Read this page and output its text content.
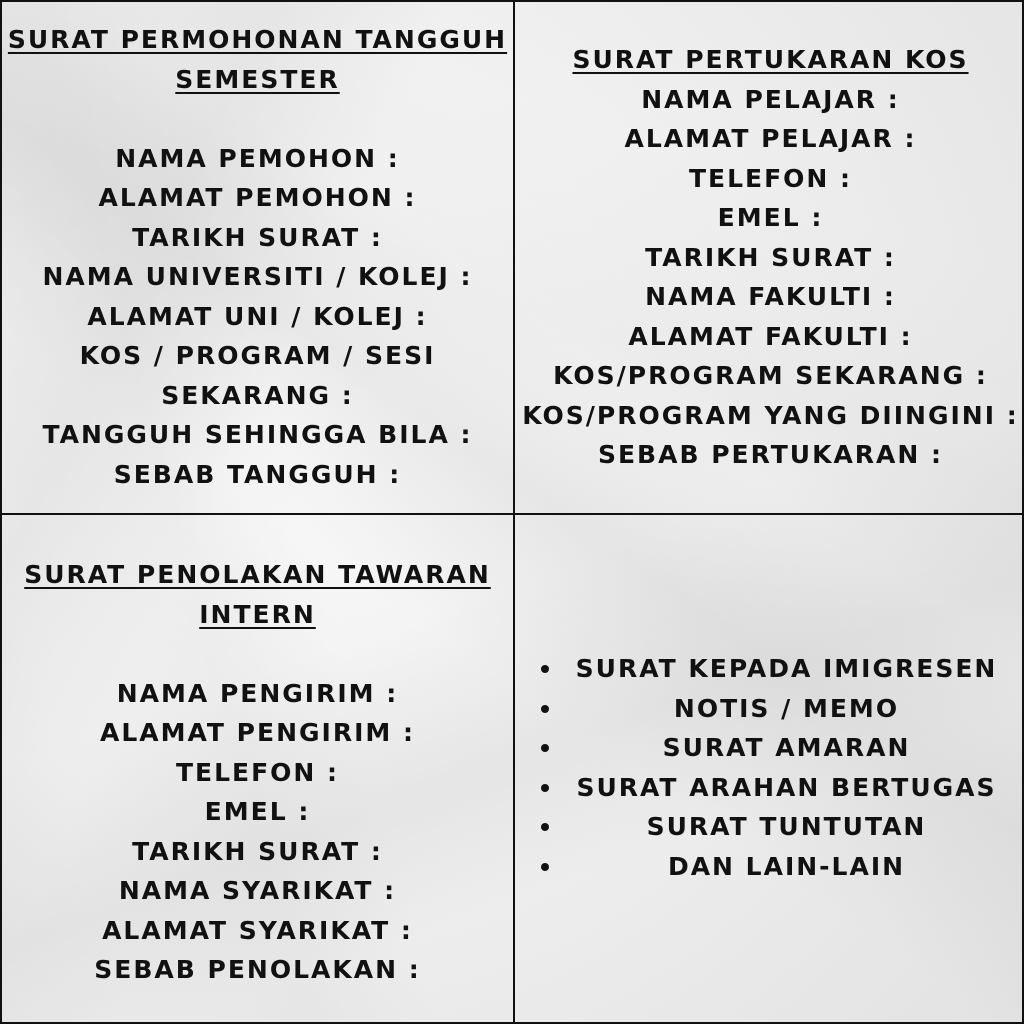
SURAT PERMOHONAN TANGGUH

SEMESTER

NAMA PEMOHON :

ALAMAT PEMOHON :

TARIKH SURAT :

NAMA UNIVERSITI / KOLEJ :

ALAMAT UNI / KOLEJ :

KOS / PROGRAM / SESI

SEKARANG :

TANGGUH SEHINGGA BILA :

SEBAB TANGGUH :

SURAT PERTUKARAN KOS

NAMA PELAJAR :

ALAMAT PELAJAR :

TELEFON :

EMEL :

TARIKH SURAT :

NAMA FAKULTI :

ALAMAT FAKULTI :

KOS/PROGRAM SEKARANG :

KOS/PROGRAM YANG DIINGINI :

SEBAB PERTUKARAN :

SURAT PENOLAKAN TAWARAN

INTERN

NAMA PENGIRIM :

ALAMAT PENGIRIM :

TELEFON :

EMEL :

TARIKH SURAT :

NAMA SYARIKAT :

ALAMAT SYARIKAT :

SEBAB PENOLAKAN :

SURAT KEPADA IMIGRESEN
NOTIS / MEMO
SURAT AMARAN
SURAT ARAHAN BERTUGAS
SURAT TUNTUTAN
DAN LAIN-LAIN
